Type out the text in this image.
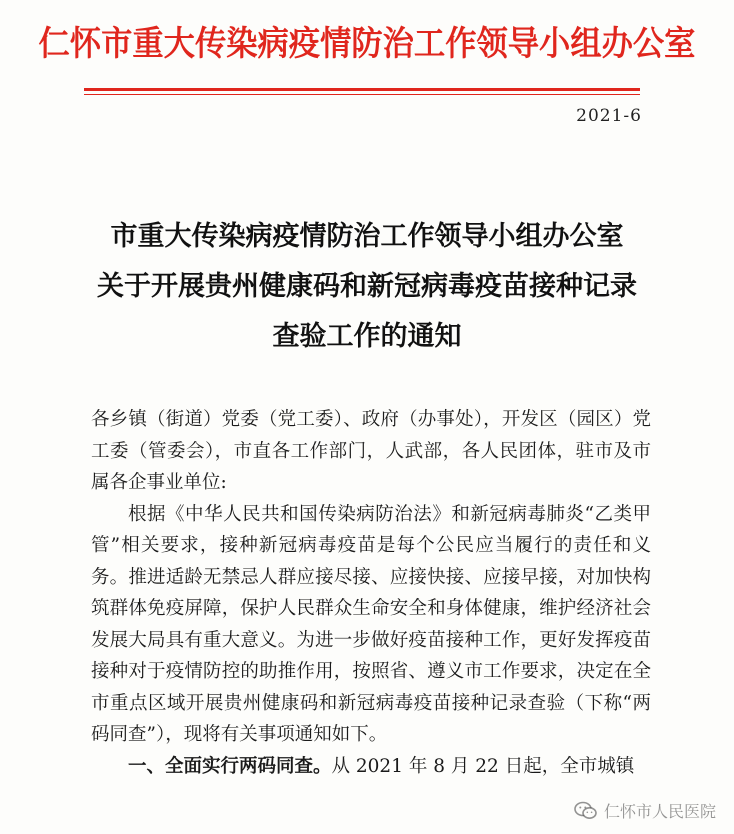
仁怀市重大传染病疫情防治工作领导小组办公室
2021-6
市重大传染病疫情防治工作领导小组办公室
关于开展贵州健康码和新冠病毒疫苗接种记录
查验工作的通知

各乡镇（街道）党委（党工委）、政府（办事处），开发区（园区）党工委（管委会），市直各工作部门，人武部，各人民团体，驻市及市属各企事业单位:

根据《中华人民共和国传染病防治法》和新冠病毒肺炎“乙类甲管”相关要求，接种新冠病毒疫苗是每个公民应当履行的责任和义务。推进适龄无禁忌人群应接尽接、应接快接、应接早接，对加快构筑群体免疫屏障，保护人民群众生命安全和身体健康，维护经济社会发展大局具有重大意义。为进一步做好疫苗接种工作，更好发挥疫苗接种对于疫情防控的助推作用，按照省、遵义市工作要求，决定在全市重点区域开展贵州健康码和新冠病毒疫苗接种记录查验（下称“两码同查”），现将有关事项通知如下。

一、全面实行两码同查。从 2021 年 8 月 22 日起，全市城镇

仁怀市人民医院
